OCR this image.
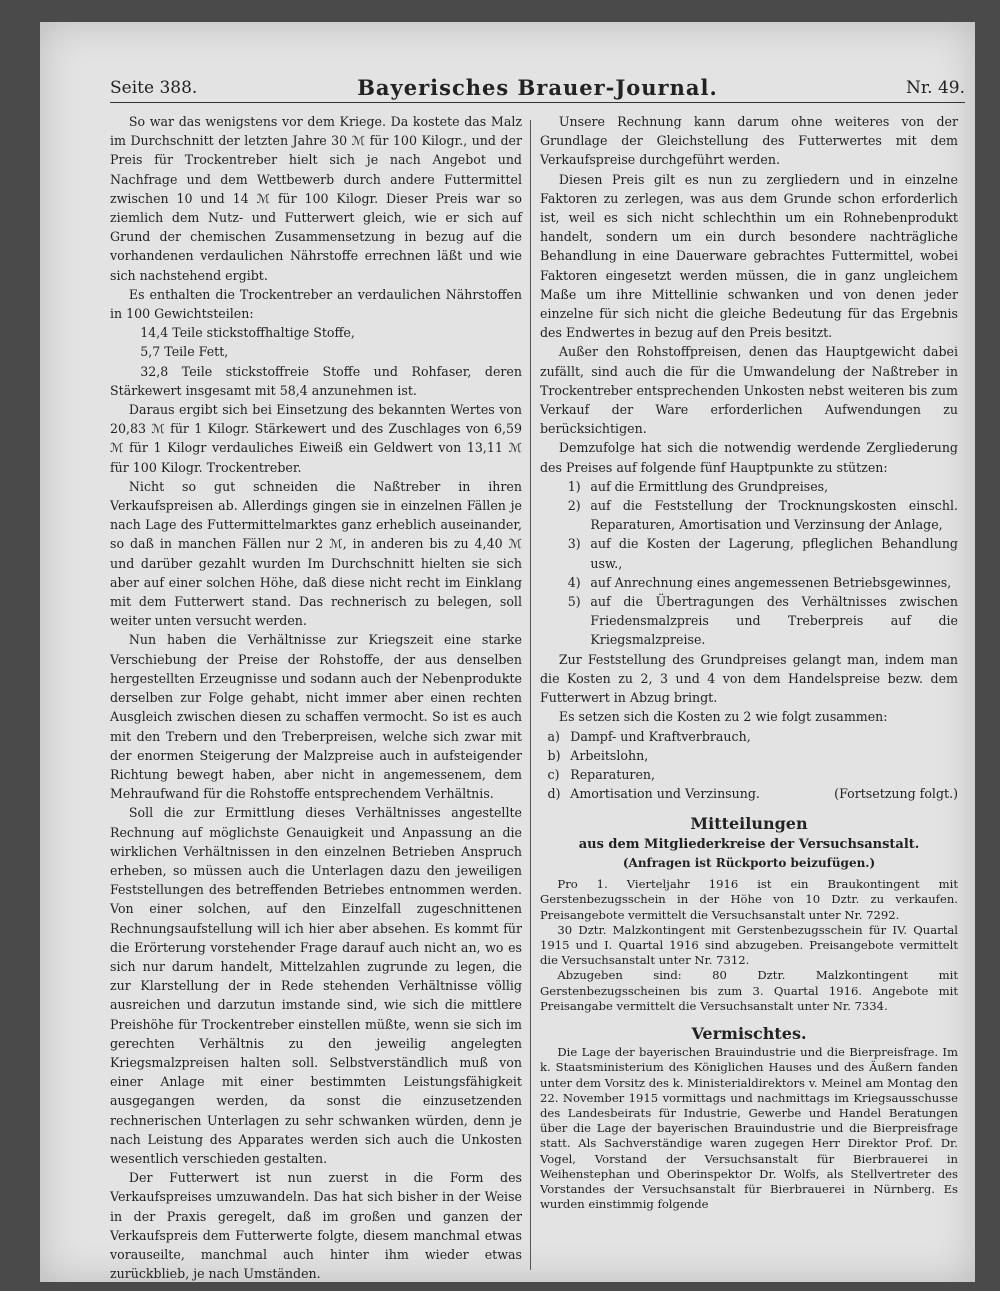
Seite 388.	Bayerisches Brauer-Journal.	Nr. 49.

So war das wenigstens vor dem Kriege. Da kostete das Malz im Durchschnitt der letzten Jahre 30 ℳ für 100 Kilogr., und der Preis für Trockentreber hielt sich je nach Angebot und Nachfrage und dem Wettbewerb durch andere Futtermittel zwischen 10 und 14 ℳ für 100 Kilogr. Dieser Preis war so ziemlich dem Nutz- und Futterwert gleich, wie er sich auf Grund der chemischen Zusammensetzung in bezug auf die vorhandenen verdaulichen Nährstoffe errechnen läßt und wie sich nachstehend ergibt.

Es enthalten die Trockentreber an verdaulichen Nährstoffen in 100 Gewichtsteilen:

14,4 Teile stickstoffhaltige Stoffe,

5,7 Teile Fett,

32,8 Teile stickstoffreie Stoffe und Rohfaser, deren Stärkewert insgesamt mit 58,4 anzunehmen ist.

Daraus ergibt sich bei Einsetzung des bekannten Wertes von 20,83 ℳ für 1 Kilogr. Stärkewert und des Zuschlages von 6,59 ℳ für 1 Kilogr verdauliches Eiweiß ein Geldwert von 13,11 ℳ für 100 Kilogr. Trockentreber.

Nicht so gut schneiden die Naßtreber in ihren Verkaufspreisen ab. Allerdings gingen sie in einzelnen Fällen je nach Lage des Futtermittelmarktes ganz erheblich auseinander, so daß in manchen Fällen nur 2 ℳ, in anderen bis zu 4,40 ℳ und darüber gezahlt wurden Im Durchschnitt hielten sie sich aber auf einer solchen Höhe, daß diese nicht recht im Einklang mit dem Futterwert stand. Das rechnerisch zu belegen, soll weiter unten versucht werden.

Nun haben die Verhältnisse zur Kriegszeit eine starke Verschiebung der Preise der Rohstoffe, der aus denselben hergestellten Erzeugnisse und sodann auch der Nebenprodukte derselben zur Folge gehabt, nicht immer aber einen rechten Ausgleich zwischen diesen zu schaffen vermocht. So ist es auch mit den Trebern und den Treberpreisen, welche sich zwar mit der enormen Steigerung der Malzpreise auch in aufsteigender Richtung bewegt haben, aber nicht in angemessenem, dem Mehraufwand für die Rohstoffe entsprechendem Verhältnis.

Soll die zur Ermittlung dieses Verhältnisses angestellte Rechnung auf möglichste Genauigkeit und Anpassung an die wirklichen Verhältnissen in den einzelnen Betrieben Anspruch erheben, so müssen auch die Unterlagen dazu den jeweiligen Feststellungen des betreffenden Betriebes entnommen werden. Von einer solchen, auf den Einzelfall zugeschnittenen Rechnungsaufstellung will ich hier aber absehen. Es kommt für die Erörterung vorstehender Frage darauf auch nicht an, wo es sich nur darum handelt, Mittelzahlen zugrunde zu legen, die zur Klarstellung der in Rede stehenden Verhältnisse völlig ausreichen und darzutun imstande sind, wie sich die mittlere Preishöhe für Trockentreber einstellen müßte, wenn sie sich im gerechten Verhältnis zu den jeweilig angelegten Kriegsmalzpreisen halten soll. Selbstverständlich muß von einer Anlage mit einer bestimmten Leistungsfähigkeit ausgegangen werden, da sonst die einzusetzenden rechnerischen Unterlagen zu sehr schwanken würden, denn je nach Leistung des Apparates werden sich auch die Unkosten wesentlich verschieden gestalten.

Der Futterwert ist nun zuerst in die Form des Verkaufspreises umzuwandeln. Das hat sich bisher in der Weise in der Praxis geregelt, daß im großen und ganzen der Verkaufspreis dem Futterwerte folgte, diesem manchmal etwas vorauseilte, manchmal auch hinter ihm wieder etwas zurückblieb, je nach Umständen.

Unsere Rechnung kann darum ohne weiteres von der Grundlage der Gleichstellung des Futterwertes mit dem Verkaufspreise durchgeführt werden.

Diesen Preis gilt es nun zu zergliedern und in einzelne Faktoren zu zerlegen, was aus dem Grunde schon erforderlich ist, weil es sich nicht schlechthin um ein Rohnebenprodukt handelt, sondern um ein durch besondere nachträgliche Behandlung in eine Dauerware gebrachtes Futtermittel, wobei Faktoren eingesetzt werden müssen, die in ganz ungleichem Maße um ihre Mittellinie schwanken und von denen jeder einzelne für sich nicht die gleiche Bedeutung für das Ergebnis des Endwertes in bezug auf den Preis besitzt.

Außer den Rohstoffpreisen, denen das Hauptgewicht dabei zufällt, sind auch die für die Umwandelung der Naßtreber in Trockentreber entsprechenden Unkosten nebst weiteren bis zum Verkauf der Ware erforderlichen Aufwendungen zu berücksichtigen.

Demzufolge hat sich die notwendig werdende Zergliederung des Preises auf folgende fünf Hauptpunkte zu stützen:

1) auf die Ermittlung des Grundpreises,
2) auf die Feststellung der Trocknungskosten einschl. Reparaturen, Amortisation und Verzinsung der Anlage,
3) auf die Kosten der Lagerung, pfleglichen Behandlung usw.,
4) auf Anrechnung eines angemessenen Betriebsgewinnes,
5) auf die Übertragungen des Verhältnisses zwischen Friedensmalzpreis und Treberpreis auf die Kriegsmalzpreise.

Zur Feststellung des Grundpreises gelangt man, indem man die Kosten zu 2, 3 und 4 von dem Handelspreise bezw. dem Futterwert in Abzug bringt.

Es setzen sich die Kosten zu 2 wie folgt zusammen:

a) Dampf- und Kraftverbrauch,
b) Arbeitslohn,
c) Reparaturen,
d) Amortisation und Verzinsung.	(Fortsetzung folgt.)

Mitteilungen
aus dem Mitgliederkreise der Versuchsanstalt.
(Anfragen ist Rückporto beizufügen.)

Pro 1. Vierteljahr 1916 ist ein Braukontingent mit Gerstenbezugsschein in der Höhe von 10 Dztr. zu verkaufen. Preisangebote vermittelt die Versuchsanstalt unter Nr. 7292.

30 Dztr. Malzkontingent mit Gerstenbezugsschein für IV. Quartal 1915 und I. Quartal 1916 sind abzugeben. Preisangebote vermittelt die Versuchsanstalt unter Nr. 7312.

Abzugeben sind: 80 Dztr. Malzkontingent mit Gerstenbezugsscheinen bis zum 3. Quartal 1916. Angebote mit Preisangabe vermittelt die Versuchsanstalt unter Nr. 7334.

Vermischtes.

Die Lage der bayerischen Brauindustrie und die Bierpreisfrage. Im k. Staatsministerium des Königlichen Hauses und des Äußern fanden unter dem Vorsitz des k. Ministerialdirektors v. Meinel am Montag den 22. November 1915 vormittags und nachmittags im Kriegsausschusse des Landesbeirats für Industrie, Gewerbe und Handel Beratungen über die Lage der bayerischen Brauindustrie und die Bierpreisfrage statt. Als Sachverständige waren zugegen Herr Direktor Prof. Dr. Vogel, Vorstand der Versuchsanstalt für Bierbrauerei in Weihenstephan und Oberinspektor Dr. Wolfs, als Stellvertreter des Vorstandes der Versuchsanstalt für Bierbrauerei in Nürnberg. Es wurden einstimmig folgende
